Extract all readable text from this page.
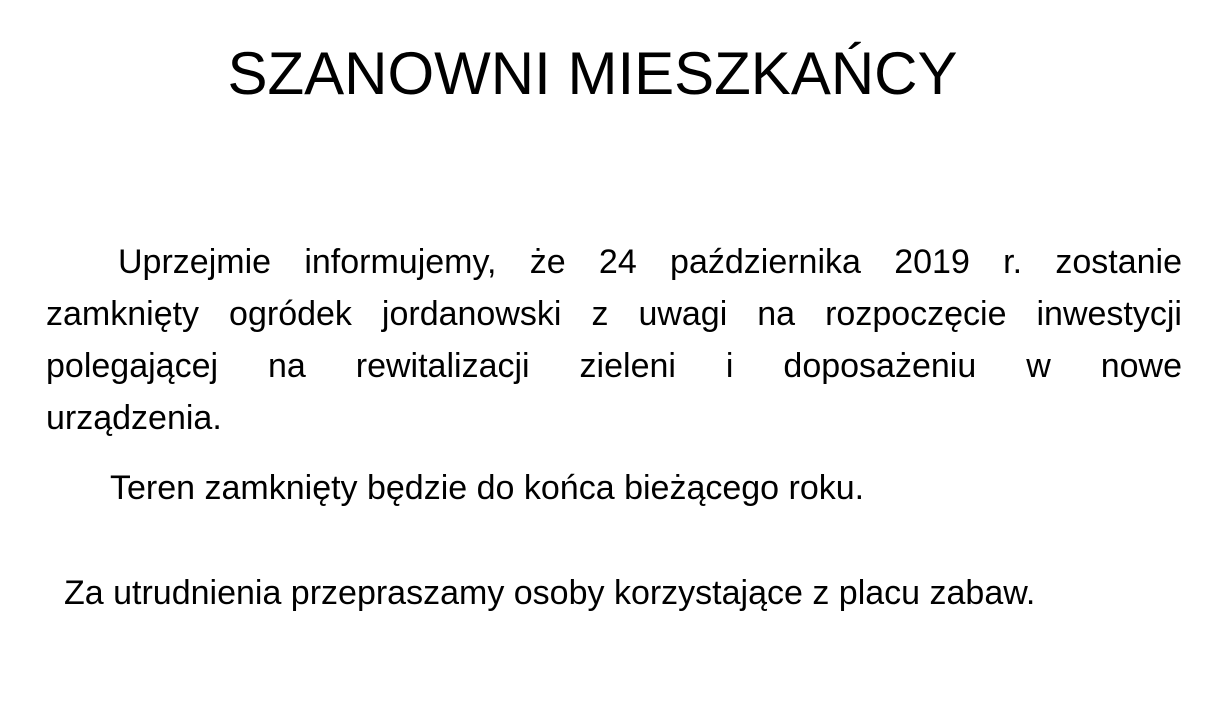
SZANOWNI MIESZKAŃCY
Uprzejmie informujemy, że 24 października 2019 r. zostanie
zamknięty ogródek jordanowski z uwagi na rozpoczęcie inwestycji
polegającej na rewitalizacji zieleni i doposażeniu w nowe
urządzenia.
Teren zamknięty będzie do końca bieżącego roku.
Za utrudnienia przepraszamy osoby korzystające z placu zabaw.
